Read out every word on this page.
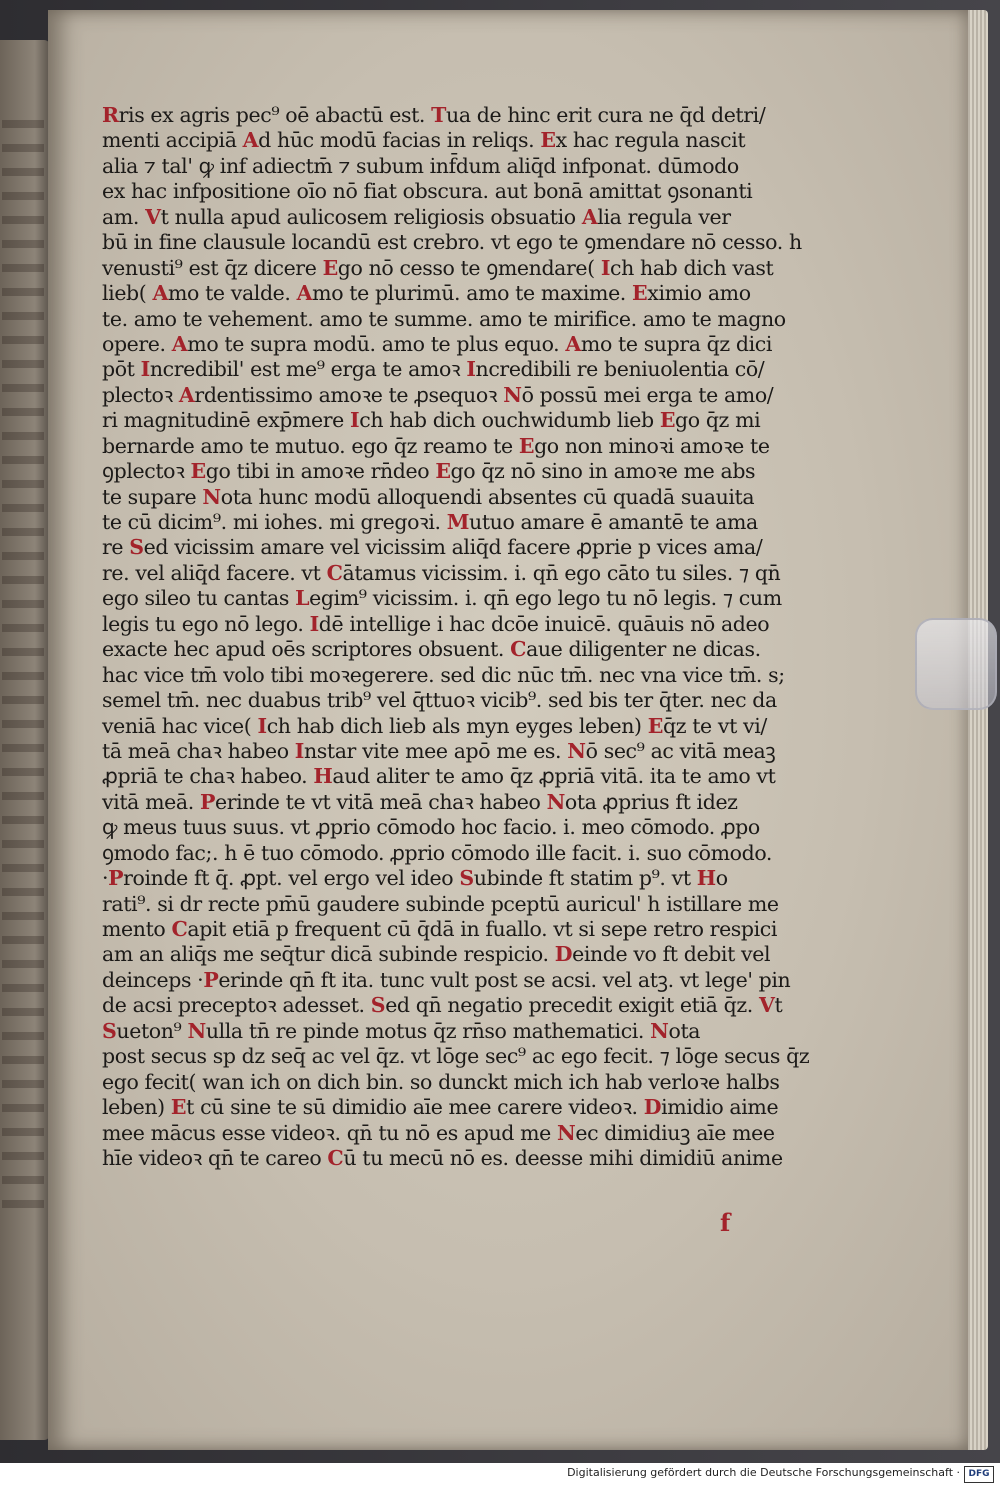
Rris ex agris pec⁹ oē abactū est. Tua de hinc erit cura ne q̄d detri/
menti accipiā Ad hūc modū facias in reliqs. Ex hac regula nascit
alia ⁊ tal' ꝙ inf adiectm̄ ⁊ subum inf̄dum aliq̄d infponat. dūmodo
ex hac infpositione oīo nō fiat obscura. aut bonā amittat ꝯsonanti
am. Vt nulla apud aulicosem religiosis obsuatio Alia regula ver
bū in fine clausule locandū est crebro. vt ego te ꝯmendare nō cesso. h
venusti⁹ est q̄z dicere Ego nō cesso te ꝯmendare( Ich hab dich vast
lieb( Amo te valde. Amo te plurimū. amo te maxime. Eximio amo
te. amo te vehement. amo te summe. amo te mirifice. amo te magno
opere. Amo te supra modū. amo te plus equo. Amo te supra q̄z dici
pōt Incredibil' est me⁹ erga te amoꝛ Incredibili re beniuolentia cō/
plectoꝛ Ardentissimo amoꝛe te ꝓsequoꝛ Nō possū mei erga te amo/
ri magnitudinē exp̄mere Ich hab dich ouchwidumb lieb Ego q̄z mi
bernarde amo te mutuo. ego q̄z reamo te Ego non minoꝛi amoꝛe te
ꝯplectoꝛ Ego tibi in amoꝛe rn̄deo Ego q̄z nō sino in amoꝛe me abs
te supare Nota hunc modū alloquendi absentes cū quadā suauita
te cū dicim⁹. mi iohes. mi gregoꝛi. Mutuo amare ē amantē te ama
re Sed vicissim amare vel vicissim aliq̄d facere ꝓprie p vices ama/
re. vel aliq̄d facere. vt Cātamus vicissim. i. qn̄ ego cāto tu siles. ⁊ qn̄
ego sileo tu cantas Legim⁹ vicissim. i. qn̄ ego lego tu nō legis. ⁊ cum
legis tu ego nō lego. Idē intellige i hac dcōe inuicē. quāuis nō adeo
exacte hec apud oēs scriptores obsuent. Caue diligenter ne dicas.
hac vice tm̄ volo tibi moꝛegerere. sed dic nūc tm̄. nec vna vice tm̄. s;
semel tm̄. nec duabus trib⁹ vel q̄ttuoꝛ vicib⁹. sed bis ter q̄ter. nec da
veniā hac vice( Ich hab dich lieb als myn eyges leben) Eq̄z te vt vi/
tā meā chaꝛ habeo Instar vite mee apō me es. Nō sec⁹ ac vitā meaꝫ
ꝓpriā te chaꝛ habeo. Haud aliter te amo q̄z ꝓpriā vitā. ita te amo vt
vitā meā. Perinde te vt vitā meā chaꝛ habeo Nota ꝓprius ft idez
ꝙ meus tuus suus. vt ꝓprio cōmodo hoc facio. i. meo cōmodo. ꝓpo
ꝯmodo fac;. h ē tuo cōmodo. ꝓprio cōmodo ille facit. i. suo cōmodo.
·Proinde ft q̄. ꝓpt. vel ergo vel ideo Subinde ft statim p⁹. vt Ho
rati⁹. si dr recte pm̄ū gaudere subinde pceptū auricul' h istillare me
mento Capit etiā p frequent cū q̄dā in fuallo. vt si sepe retro respici
am an aliq̄s me seq̄tur dicā subinde respicio. Deinde vo ft debit vel
deinceps ·Perinde qn̄ ft ita. tunc vult post se acsi. vel atꝫ. vt lege' pin
de acsi preceptoꝛ adesset. Sed qn̄ negatio precedit exigit etiā q̄z. Vt
Sueton⁹ Nulla tn̄ re pinde motus q̄z rn̄so mathematici. Nota
post secus sp dz seq̄ ac vel q̄z. vt lōge sec⁹ ac ego fecit. ⁊ lōge secus q̄z
ego fecit( wan ich on dich bin. so dunckt mich ich hab verloꝛe halbs
leben) Et cū sine te sū dimidio aīe mee carere videoꝛ. Dimidio aime
mee mācus esse videoꝛ. qn̄ tu nō es apud me Nec dimidiuꝫ aīe mee
hīe videoꝛ qn̄ te careo Cū tu mecū nō es. deesse mihi dimidiū anime
f
Digitalisierung gefördert durch die Deutsche Forschungsgemeinschaft · DFG
